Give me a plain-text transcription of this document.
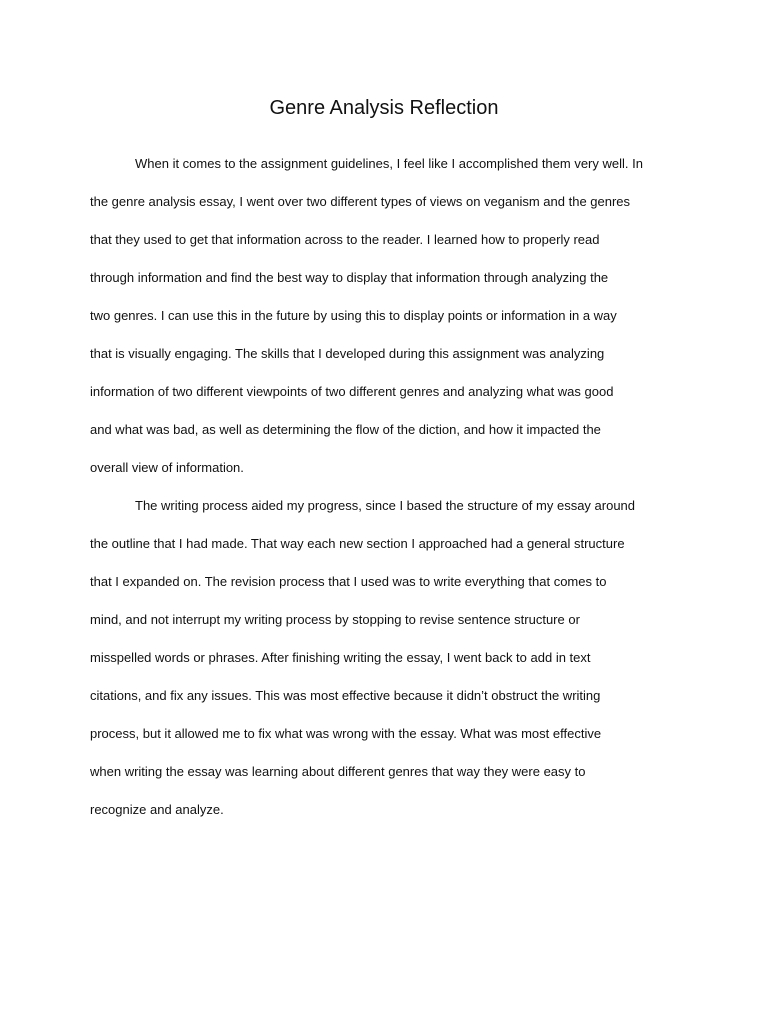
Genre Analysis Reflection
When it comes to the assignment guidelines, I feel like I accomplished them very well. In
the genre analysis essay, I went over two different types of views on veganism and the genres
that they used to get that information across to the reader. I learned how to properly read
through information and find the best way to display that information through analyzing the
two genres. I can use this in the future by using this to display points or information in a way
that is visually engaging. The skills that I developed during this assignment was analyzing
information of two different viewpoints of two different genres and analyzing what was good
and what was bad, as well as determining the flow of the diction, and how it impacted the
overall view of information.
The writing process aided my progress, since I based the structure of my essay around
the outline that I had made. That way each new section I approached had a general structure
that I expanded on. The revision process that I used was to write everything that comes to
mind, and not interrupt my writing process by stopping to revise sentence structure or
misspelled words or phrases. After finishing writing the essay, I went back to add in text
citations, and fix any issues. This was most effective because it didn’t obstruct the writing
process, but it allowed me to fix what was wrong with the essay. What was most effective
when writing the essay was learning about different genres that way they were easy to
recognize and analyze.
